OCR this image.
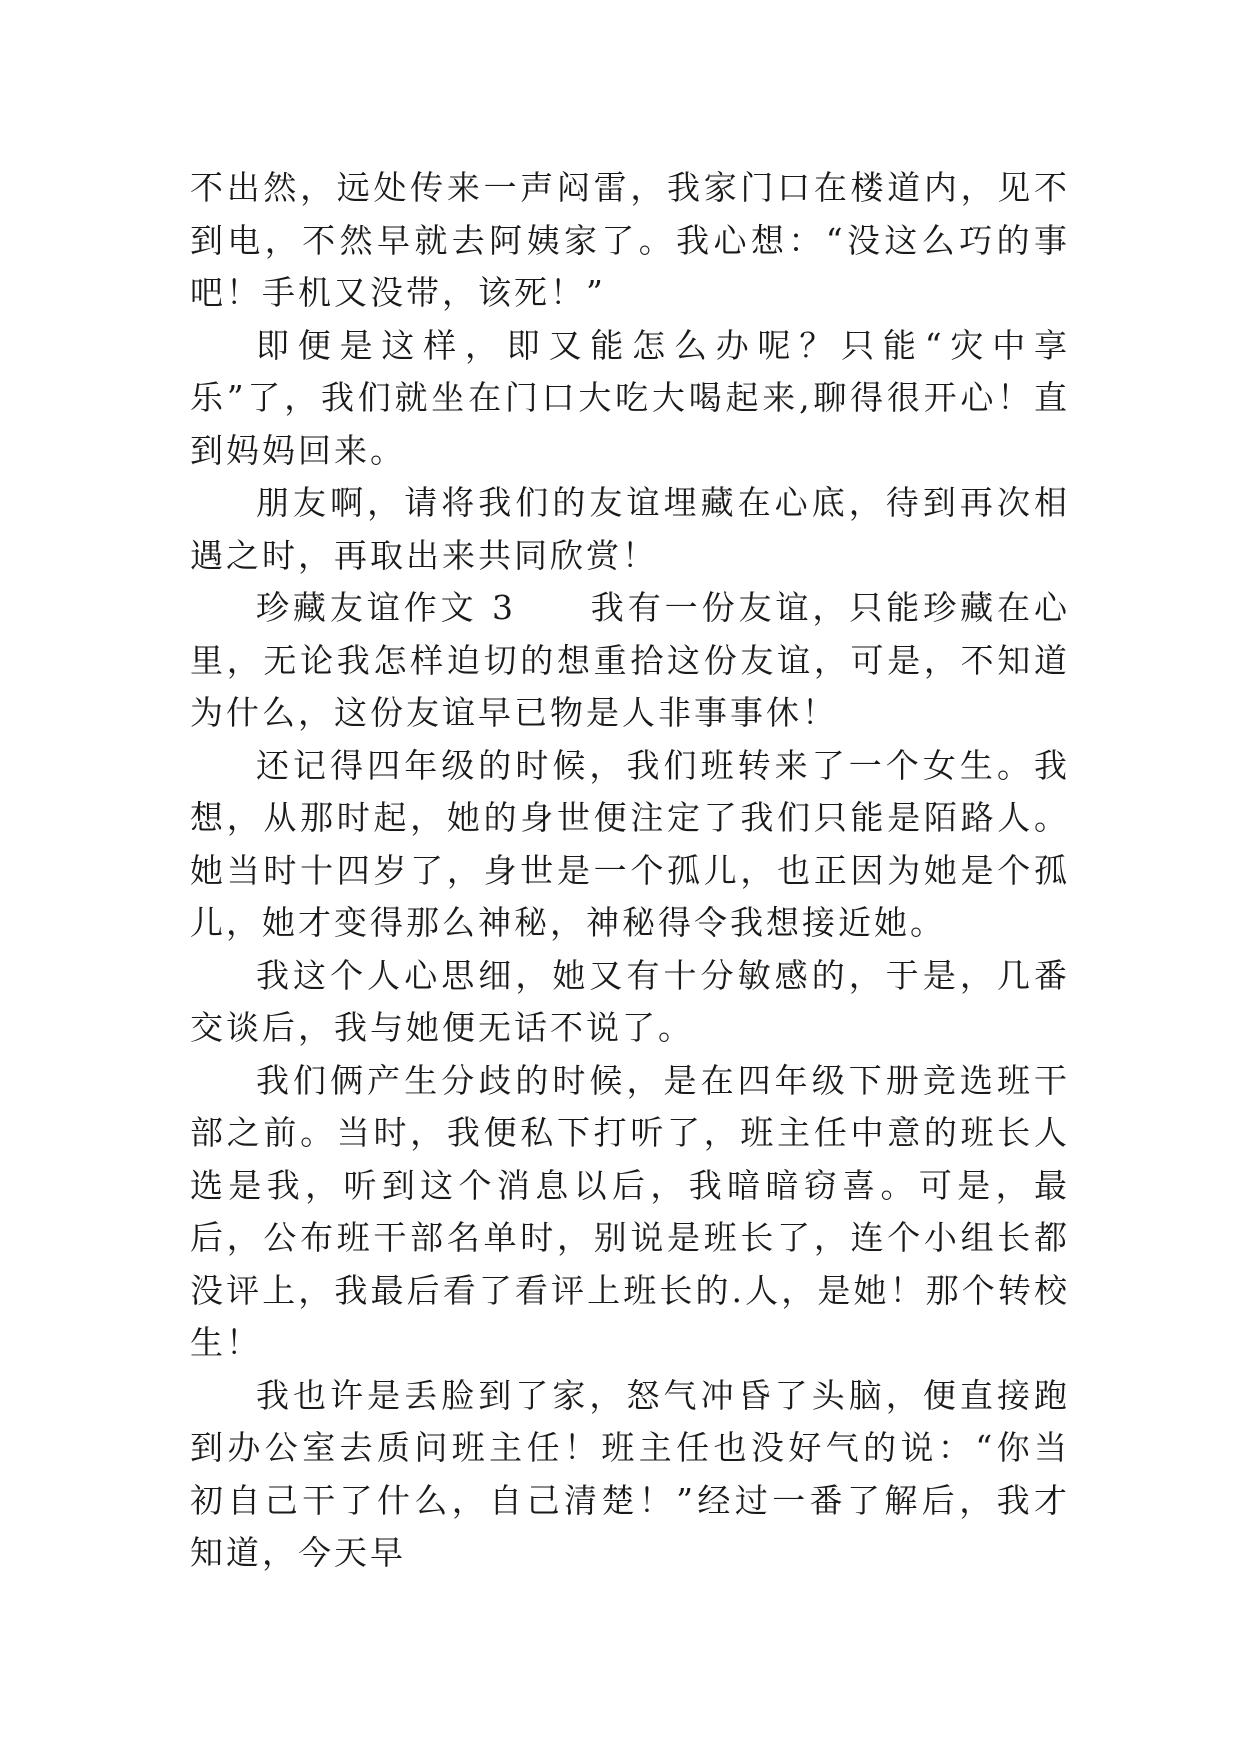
不出然，远处传来一声闷雷，我家门口在楼道内，见不到电，不然早就去阿姨家了。我心想：“没这么巧的事吧！手机又没带，该死！”

即便是这样，即又能怎么办呢？只能“灾中享乐”了，我们就坐在门口大吃大喝起来,聊得很开心！直到妈妈回来。

朋友啊，请将我们的友谊埋藏在心底，待到再次相遇之时，再取出来共同欣赏！

珍藏友谊作文 3　　我有一份友谊，只能珍藏在心里，无论我怎样迫切的想重拾这份友谊，可是，不知道为什么，这份友谊早已物是人非事事休！

还记得四年级的时候，我们班转来了一个女生。我想，从那时起，她的身世便注定了我们只能是陌路人。她当时十四岁了，身世是一个孤儿，也正因为她是个孤儿，她才变得那么神秘，神秘得令我想接近她。

我这个人心思细，她又有十分敏感的，于是，几番交谈后，我与她便无话不说了。

我们俩产生分歧的时候，是在四年级下册竞选班干部之前。当时，我便私下打听了，班主任中意的班长人选是我，听到这个消息以后，我暗暗窃喜。可是，最后，公布班干部名单时，别说是班长了，连个小组长都没评上，我最后看了看评上班长的.人，是她！那个转校生！

我也许是丢脸到了家，怒气冲昏了头脑，便直接跑到办公室去质问班主任！班主任也没好气的说：“你当初自己干了什么，自己清楚！”经过一番了解后，我才知道，今天早
